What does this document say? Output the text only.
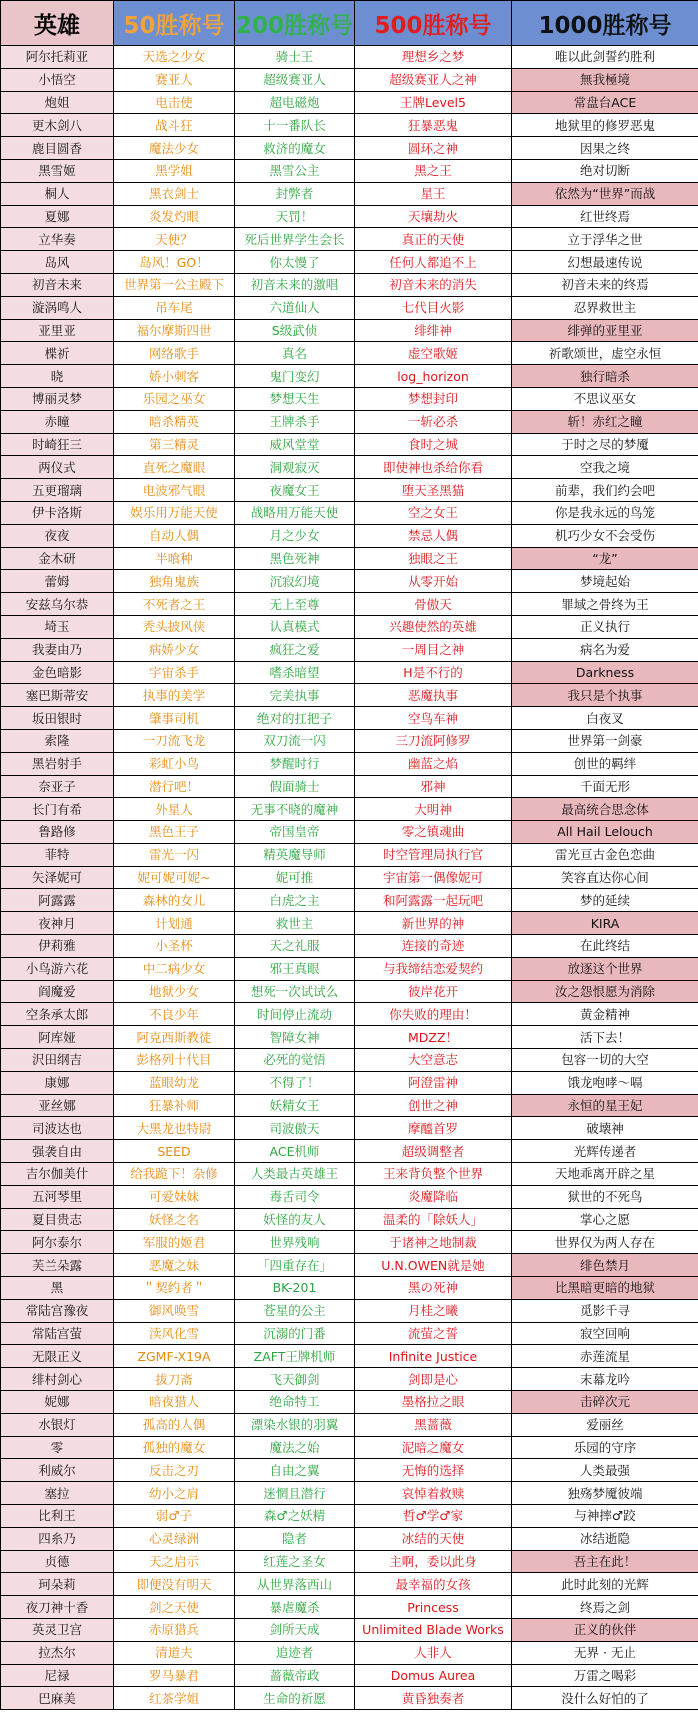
英雄	50胜称号	200胜称号	500胜称号	1000胜称号
阿尔托莉亚	天选之少女	骑士王	理想乡之梦	唯以此剑誓约胜利
小悟空	赛亚人	超级赛亚人	超级赛亚人之神	無我極境
炮姐	电击使	超电磁炮	王牌Level5	常盘台ACE
更木剑八	战斗狂	十一番队长	狂暴恶鬼	地狱里的修罗恶鬼
鹿目圆香	魔法少女	救济的魔女	圆环之神	因果之终
黑雪姬	黑学姐	黑雪公主	黑之王	绝对切断
桐人	黑衣剑士	封弊者	星王	依然为“世界”而战
夏娜	炎发灼眼	天罚！	天壤劫火	红世终焉
立华奏	天使？	死后世界学生会长	真正的天使	立于浮华之世
岛风	岛风！GO！	你太慢了	任何人都追不上	幻想最速传说
初音未来	世界第一公主殿下	初音未来的激唱	初音未来的消失	初音未来的终焉
漩涡鸣人	吊车尾	六道仙人	七代目火影	忍界救世主
亚里亚	福尔摩斯四世	S级武侦	绯绯神	绯弹的亚里亚
楪祈	网络歌手	真名	虚空歌姬	祈歌颂世，虚空永恒
晓	娇小刺客	鬼门变幻	log_horizon	独行暗杀
博丽灵梦	乐园之巫女	梦想天生	梦想封印	不思议巫女
赤瞳	暗杀精英	王牌杀手	一斩必杀	斩！赤红之瞳
时崎狂三	第三精灵	威风堂堂	食时之城	于时之尽的梦魇
两仪式	直死之魔眼	洞观寂灭	即使神也杀给你看	空我之境
五更瑠璃	电波邪气眼	夜魔女王	堕天圣黑猫	前辈，我们约会吧
伊卡洛斯	娱乐用万能天使	战略用万能天使	空之女王	你是我永远的鸟笼
夜夜	自动人偶	月之少女	禁忌人偶	机巧少女不会受伤
金木研	半喰种	黑色死神	独眼之王	“龙”
蕾姆	独角鬼族	沉寂幻境	从零开始	梦境起始
安兹乌尔恭	不死者之王	无上至尊	骨傲天	罪域之骨终为王
埼玉	秃头披风侠	认真模式	兴趣使然的英雄	正义执行
我妻由乃	病娇少女	疯狂之爱	一周目之神	病名为爱
金色暗影	宇宙杀手	嗜杀暗望	H是不行的	Darkness
塞巴斯蒂安	执事的美学	完美执事	恶魔执事	我只是个执事
坂田银时	肇事司机	绝对的扛把子	空鸟车神	白夜叉
索隆	一刀流飞龙	双刀流一闪	三刀流阿修罗	世界第一剑豪
黑岩射手	彩虹小鸟	梦醒时行	幽蓝之焰	创世的羁绊
奈亚子	潜行吧！	假面骑士	邪神	千面无形
长门有希	外星人	无事不晓的魔神	大明神	最高统合思念体
鲁路修	黑色王子	帝国皇帝	零之镇魂曲	All Hail Lelouch
菲特	雷光一闪	精英魔导师	时空管理局执行官	雷光亘古金色恋曲
矢泽妮可	妮可妮可妮~	妮可推	宇宙第一偶像妮可	笑容直达你心间
阿露露	森林的女儿	白虎之主	和阿露露一起玩吧	梦的延续
夜神月	计划通	救世主	新世界的神	KIRA
伊莉雅	小圣杯	天之礼服	连接的奇迹	在此终结
小鸟游六花	中二病少女	邪王真眼	与我缔结恋爱契约	放逐这个世界
阎魔爱	地狱少女	想死一次试试么	彼岸花开	汝之怨恨愿为消除
空条承太郎	不良少年	时间停止流动	你失败的理由！	黄金精神
阿库娅	阿克西斯教徒	智障女神	MDZZ！	活下去！
沢田纲吉	彭格列十代目	必死的觉悟	大空意志	包容一切的大空
康娜	蓝眼幼龙	不得了！	阿澄雷神	饿龙咆哮～嗝
亚丝娜	狂暴补师	妖精女王	创世之神	永恒的星王妃
司波达也	大黑龙也特尉	司波傲天	摩醯首罗	破壊神
强袭自由	SEED	ACE机师	超级调整者	光辉传递者
吉尔伽美什	给我跪下！杂修	人类最古英雄王	王来背负整个世界	天地乖离开辟之星
五河琴里	可爱妹妹	毒舌司令	炎魔降临	狱世的不死鸟
夏目贵志	妖怪之名	妖怪的友人	温柔的「除妖人」	掌心之愿
阿尔泰尔	军服的姬君	世界残响	于诸神之地制裁	世界仅为两人存在
芙兰朵露	恶魔之妹	「四重存在」	U.N.OWEN就是她	绯色禁月
黑	＂契约者＂	BK-201	黑の死神	比黑暗更暗的地狱
常陆宫豫夜	御风唤雪	苍星的公主	月桂之曦	觅影千寻
常陆宫萤	渎风化雪	沉溺的门番	流萤之誓	寂空回响
无限正义	ZGMF-X19A	ZAFT王牌机师	Infinite Justice	赤莲流星
绯村剑心	拔刀斋	飞天御剑	剑即是心	末幕龙吟
妮娜	暗夜猎人	绝命特工	墨格拉之眼	击碎次元
水银灯	孤高的人偶	漂染水银的羽翼	黑蔷薇	爱丽丝
零	孤独的魔女	魔法之始	泥暗之魔女	乐园的守序
利威尔	反击之刃	自由之翼	无悔的选择	人类最强
塞拉	幼小之肩	迷惘且潜行	哀悼着救赎	独殇梦魇彼端
比利王	弱♂子	森♂之妖精	哲♂学♂家	与神摔♂跤
四糸乃	心灵绿洲	隐者	冰结的天使	冰结逝隐
贞德	天之启示	红莲之圣女	主啊，委以此身	吾主在此！
珂朵莉	即便没有明天	从世界落西山	最幸福的女孩	此时此刻的光辉
夜刀神十香	剑之天使	暴虐魔杀	Princess	终焉之剑
英灵卫宫	赤原猎兵	剑所天成	Unlimited Blade Works	正义的伙伴
拉杰尔	清道夫	追迹者	人非人	无界 · 无止
尼禄	罗马暴君	蔷薇帝政	Domus Aurea	万雷之喝彩
巴麻美	红茶学姐	生命的祈愿	黄昏独奏者	没什么好怕的了
